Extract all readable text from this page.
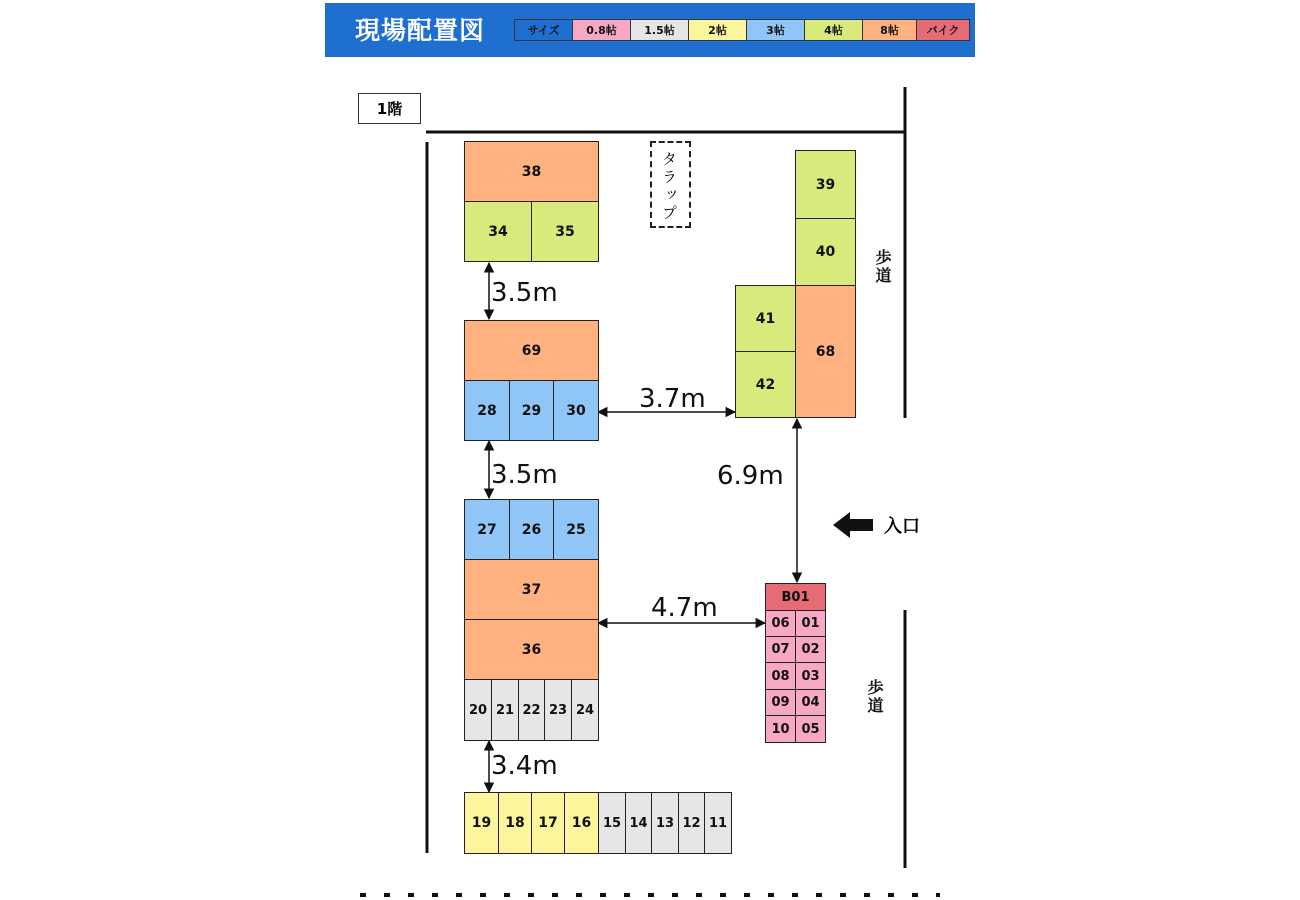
現場配置図	サイズ	0.8帖	1.5帖	2帖	3帖	4帖	8帖	バイク
1階
3.5m
3.7m
3.5m	6.9m
4.7m
3.4m
タラップ
歩道
歩道
入口
38
34	35
69
28	29	30
27	26	25
37
36
20 21 22 23 24
19	18 17	16 15 14 13 12 11
39
40
41
42
68
B01
06 01
07 02
08 03
09 04
10 05
